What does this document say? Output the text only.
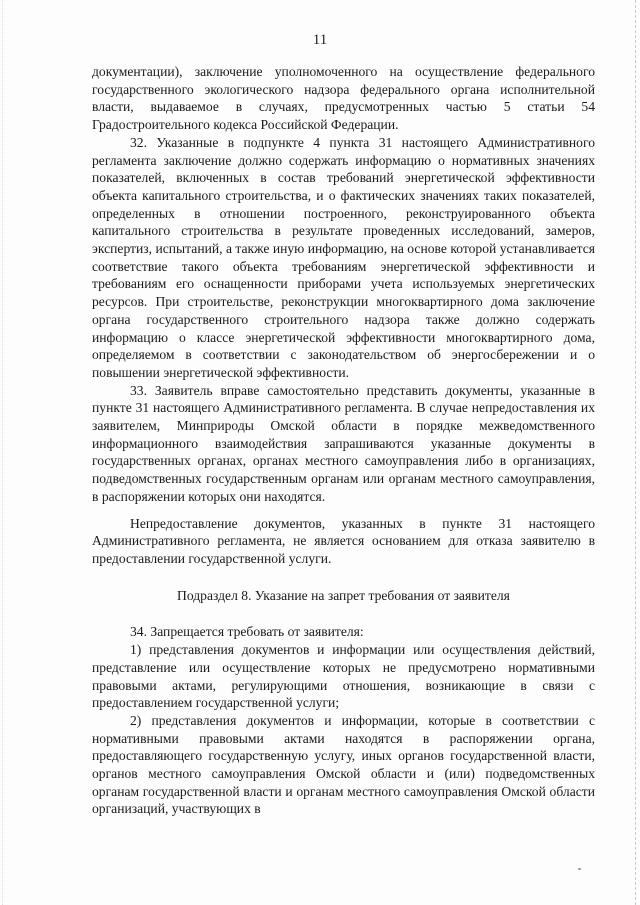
11

документации), заключение уполномоченного на осуществление федерального государственного экологического надзора федерального органа исполнительной власти, выдаваемое в случаях, предусмотренных частью 5 статьи 54 Градостроительного кодекса Российской Федерации.

32. Указанные в подпункте 4 пункта 31 настоящего Административного регламента заключение должно содержать информацию о нормативных значениях показателей, включенных в состав требований энергетической эффективности объекта капитального строительства, и о фактических значениях таких показателей, определенных в отношении построенного, реконструированного объекта капитального строительства в результате проведенных исследований, замеров, экспертиз, испытаний, а также иную информацию, на основе которой устанавливается соответствие такого объекта требованиям энергетической эффективности и требованиям его оснащенности приборами учета используемых энергетических ресурсов. При строительстве, реконструкции многоквартирного дома заключение органа государственного строительного надзора также должно содержать информацию о классе энергетической эффективности многоквартирного дома, определяемом в соответствии с законодательством об энергосбережении и о повышении энергетической эффективности.

33. Заявитель вправе самостоятельно представить документы, указанные в пункте 31 настоящего Административного регламента. В случае непредоставления их заявителем, Минприроды Омской области в порядке межведомственного информационного взаимодействия запрашиваются указанные документы в государственных органах, органах местного самоуправления либо в организациях, подведомственных государственным органам или органам местного самоуправления, в распоряжении которых они находятся.

Непредоставление документов, указанных в пункте 31 настоящего Административного регламента, не является основанием для отказа заявителю в предоставлении государственной услуги.

Подраздел 8. Указание на запрет требования от заявителя

34. Запрещается требовать от заявителя:

1) представления документов и информации или осуществления действий, представление или осуществление которых не предусмотрено нормативными правовыми актами, регулирующими отношения, возникающие в связи с предоставлением государственной услуги;

2) представления документов и информации, которые в соответствии с нормативными правовыми актами находятся в распоряжении органа, предоставляющего государственную услугу, иных органов государственной власти, органов местного самоуправления Омской области и (или) подведомственных органам государственной власти и органам местного самоуправления Омской области организаций, участвующих в
